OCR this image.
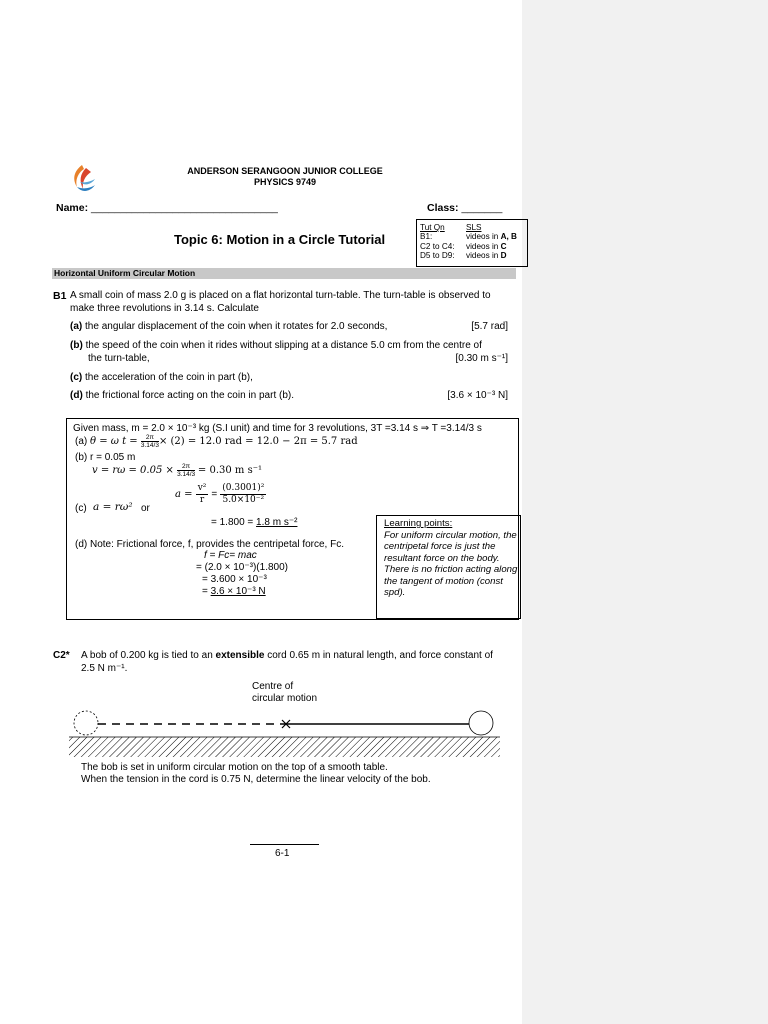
ANDERSON SERANGOON JUNIOR COLLEGE
PHYSICS 9749
Name: ________________________________	Class: _______
Topic 6: Motion in a Circle Tutorial
Tut Qn	SLS
B1:	videos in A, B
C2 to C4:	videos in C
D5 to D9:	videos in D
Horizontal Uniform Circular Motion
B1 A small coin of mass 2.0 g is placed on a flat horizontal turn-table. The turn-table is observed to
make three revolutions in 3.14 s. Calculate
(a) the angular displacement of the coin when it rotates for 2.0 seconds,	[5.7 rad]
(b) the speed of the coin when it rides without slipping at a distance 5.0 cm from the centre of
the turn-table,	[0.30 m s⁻¹]
(c) the acceleration of the coin in part (b),
(d) the frictional force acting on the coin in part (b).	[3.6 × 10⁻³ N]
Given mass, m = 2.0 × 10⁻³ kg (S.I unit) and time for 3 revolutions, 3T =3.14 s ⇒ T =3.14/3 s
(a) θ = ω $t = \frac{2\pi}{3.14/3} \times (2) = 12.0$ rad = 12.0 − 2π = 5.7 rad
(b) r = 0.05 m
$v = r\omega = 0.05 \times \frac{2\pi}{3.14/3} = 0.30$ m s⁻¹
(c) a = rω² or
$a = \frac{\text{v²}}{r} = \frac{\text{(0.3001)²}}{\text{5.0×10⁻²}}$
= 1.800 = 1.8 m s⁻²
(d) Note: Frictional force, f, provides the centripetal force, Fc.
f = Fc= mac
= (2.0 × 10⁻³)(1.800)
= 3.600 × 10⁻³
= 3.6 × 10⁻³ N
Learning points:
For uniform circular motion, the centripetal force is just the resultant force on the body.
There is no friction acting along the tangent of motion (const spd).
C2* A bob of 0.200 kg is tied to an extensible cord 0.65 m in natural length, and force constant of
2.5 N m⁻¹.
Centre of
circular motion
The bob is set in uniform circular motion on the top of a smooth table.
When the tension in the cord is 0.75 N, determine the linear velocity of the bob.
6-1
